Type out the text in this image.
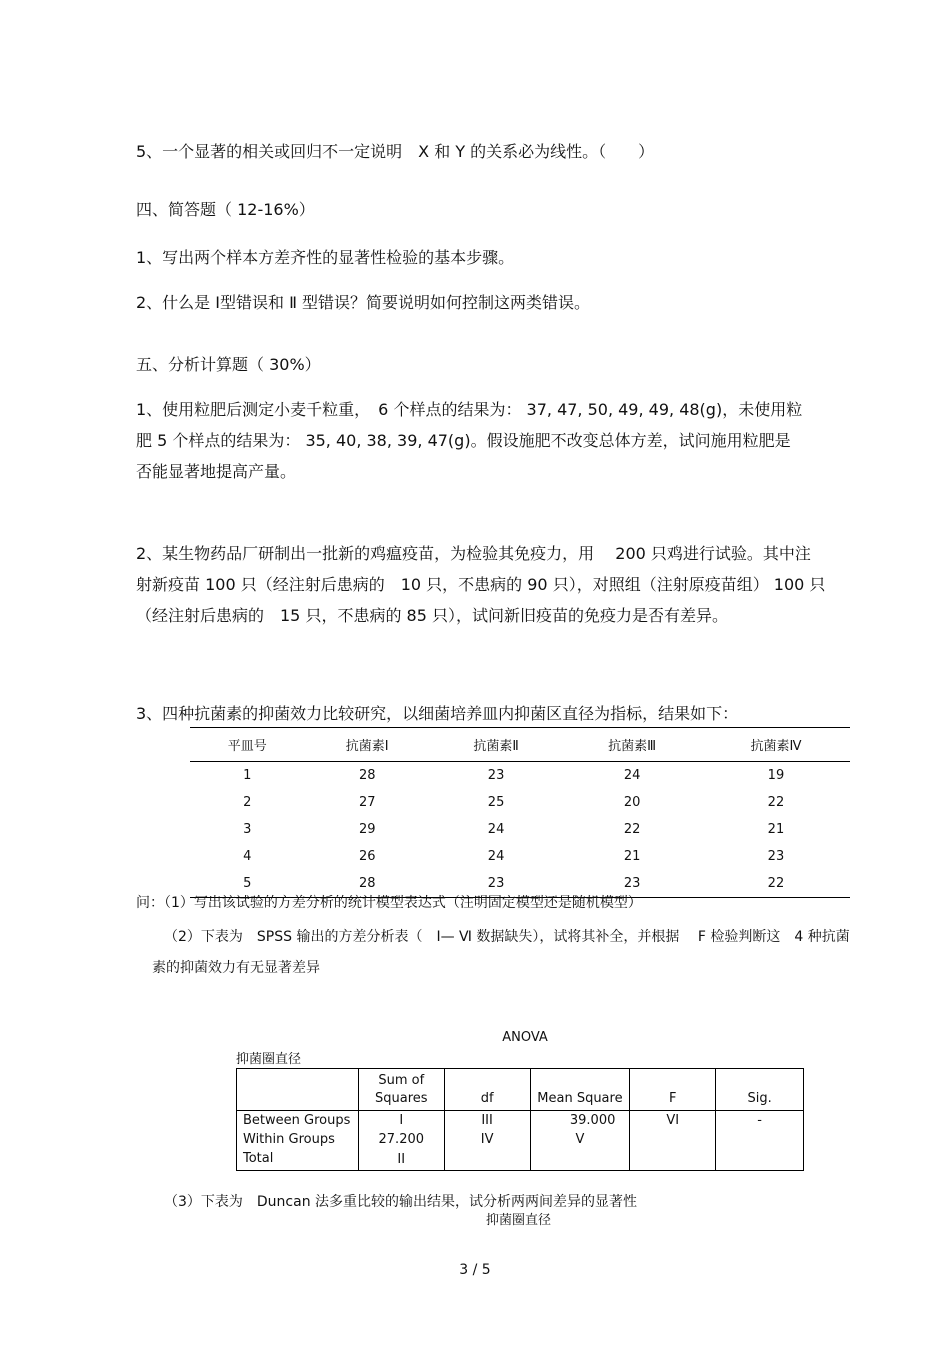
5、一个显著的相关或回归不一定说明　X 和 Y 的关系必为线性。（　　）
四、简答题（ 12-16%）
1、写出两个样本方差齐性的显著性检验的基本步骤。
2、什么是 Ⅰ型错误和 Ⅱ 型错误？简要说明如何控制这两类错误。
五、分析计算题（ 30%）

1、使用粒肥后测定小麦千粒重，　6 个样点的结果为： 37, 47, 50, 49, 49, 48(g)，未使用粒

肥 5 个样点的结果为： 35, 40, 38, 39, 47(g)。假设施肥不改变总体方差，试问施用粒肥是

否能显著地提高产量。

2、某生物药品厂研制出一批新的鸡瘟疫苗，为检验其免疫力，用　 200 只鸡进行试验。其中注

射新疫苗 100 只（经注射后患病的　10 只，不患病的 90 只），对照组（注射原疫苗组） 100 只

（经注射后患病的　15 只，不患病的 85 只），试问新旧疫苗的免疫力是否有差异。

3、四种抗菌素的抑菌效力比较研究，以细菌培养皿内抑菌区直径为指标，结果如下：
平皿号	抗菌素Ⅰ	抗菌素Ⅱ	抗菌素Ⅲ	抗菌素Ⅳ
1	28	23	24	19
2	27	25	20	22
3	29	24	22	21
4	26	24	21	23
5	28	23	23	22
问：（1）写出该试验的方差分析的统计模型表达式（注明固定模型还是随机模型）
（2）下表为　SPSS 输出的方差分析表（　Ⅰ— Ⅵ 数据缺失），试将其补全，并根据　 F 检验判断这　4 种抗菌
素的抑菌效力有无显著差异
ANOVA
抑菌圈直径
	Sum of
Squares	df	Mean Square	F	Sig.
Between Groups	I	III	39.000	VI	-
Within Groups	27.200	IV	V		
Total	II				
（3）下表为　Duncan 法多重比较的输出结果，试分析两两间差异的显著性
抑菌圈直径
3 / 5
